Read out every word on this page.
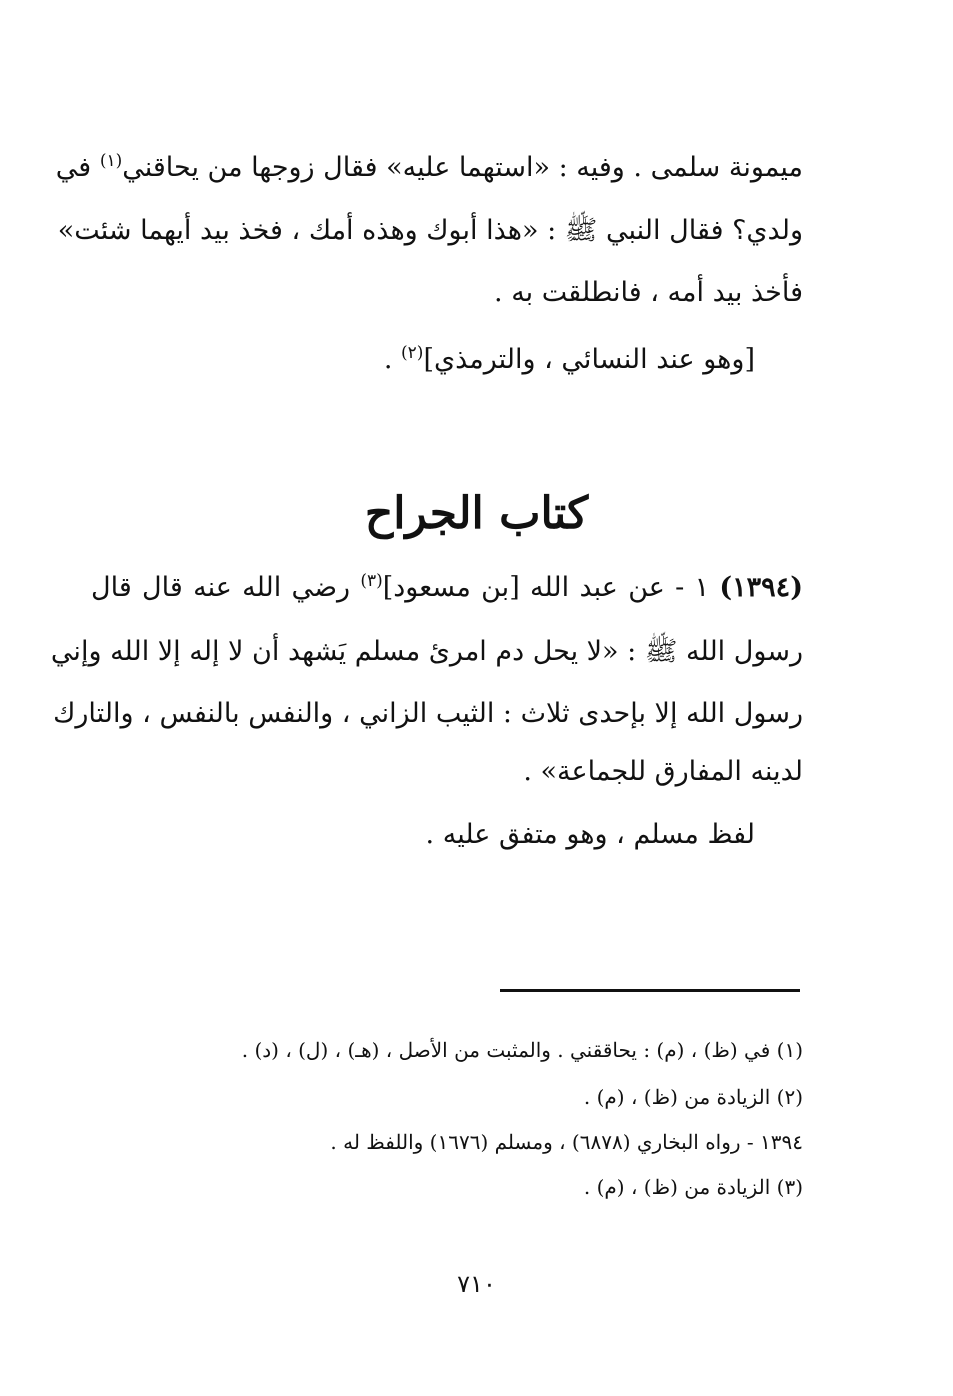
ميمونة سلمى . وفيه : «استهما عليه» فقال زوجها من يحاقني$^{(١)}$ في
ولدي؟ فقال النبي ﷺ : «هذا أبوك وهذه أمك ، فخذ بيد أيهما شئت»
فأخذ بيد أمه ، فانطلقت به .
[وهو عند النسائي ، والترمذي]$^{(٢)}$ .
كتاب الجراح
(١٣٩٤) ١ - عن عبد الله [بن مسعود]$^{(٣)}$ رضي الله عنه قال قال
رسول الله ﷺ : «لا يحل دم امرئ مسلم يَشهد أن لا إله إلا الله وإني
رسول الله إلا بإحدى ثلاث : الثيب الزاني ، والنفس بالنفس ، والتارك
لدينه المفارق للجماعة» .
لفظ مسلم ، وهو متفق عليه .
(١) في (ظ) ، (م) : يحاققني . والمثبت من الأصل ، (هـ) ، (ل) ، (د) .
(٢) الزيادة من (ظ) ، (م) .
١٣٩٤ - رواه البخاري (٦٨٧٨) ، ومسلم (١٦٧٦) واللفظ له .
(٣) الزيادة من (ظ) ، (م) .
٧١٠
